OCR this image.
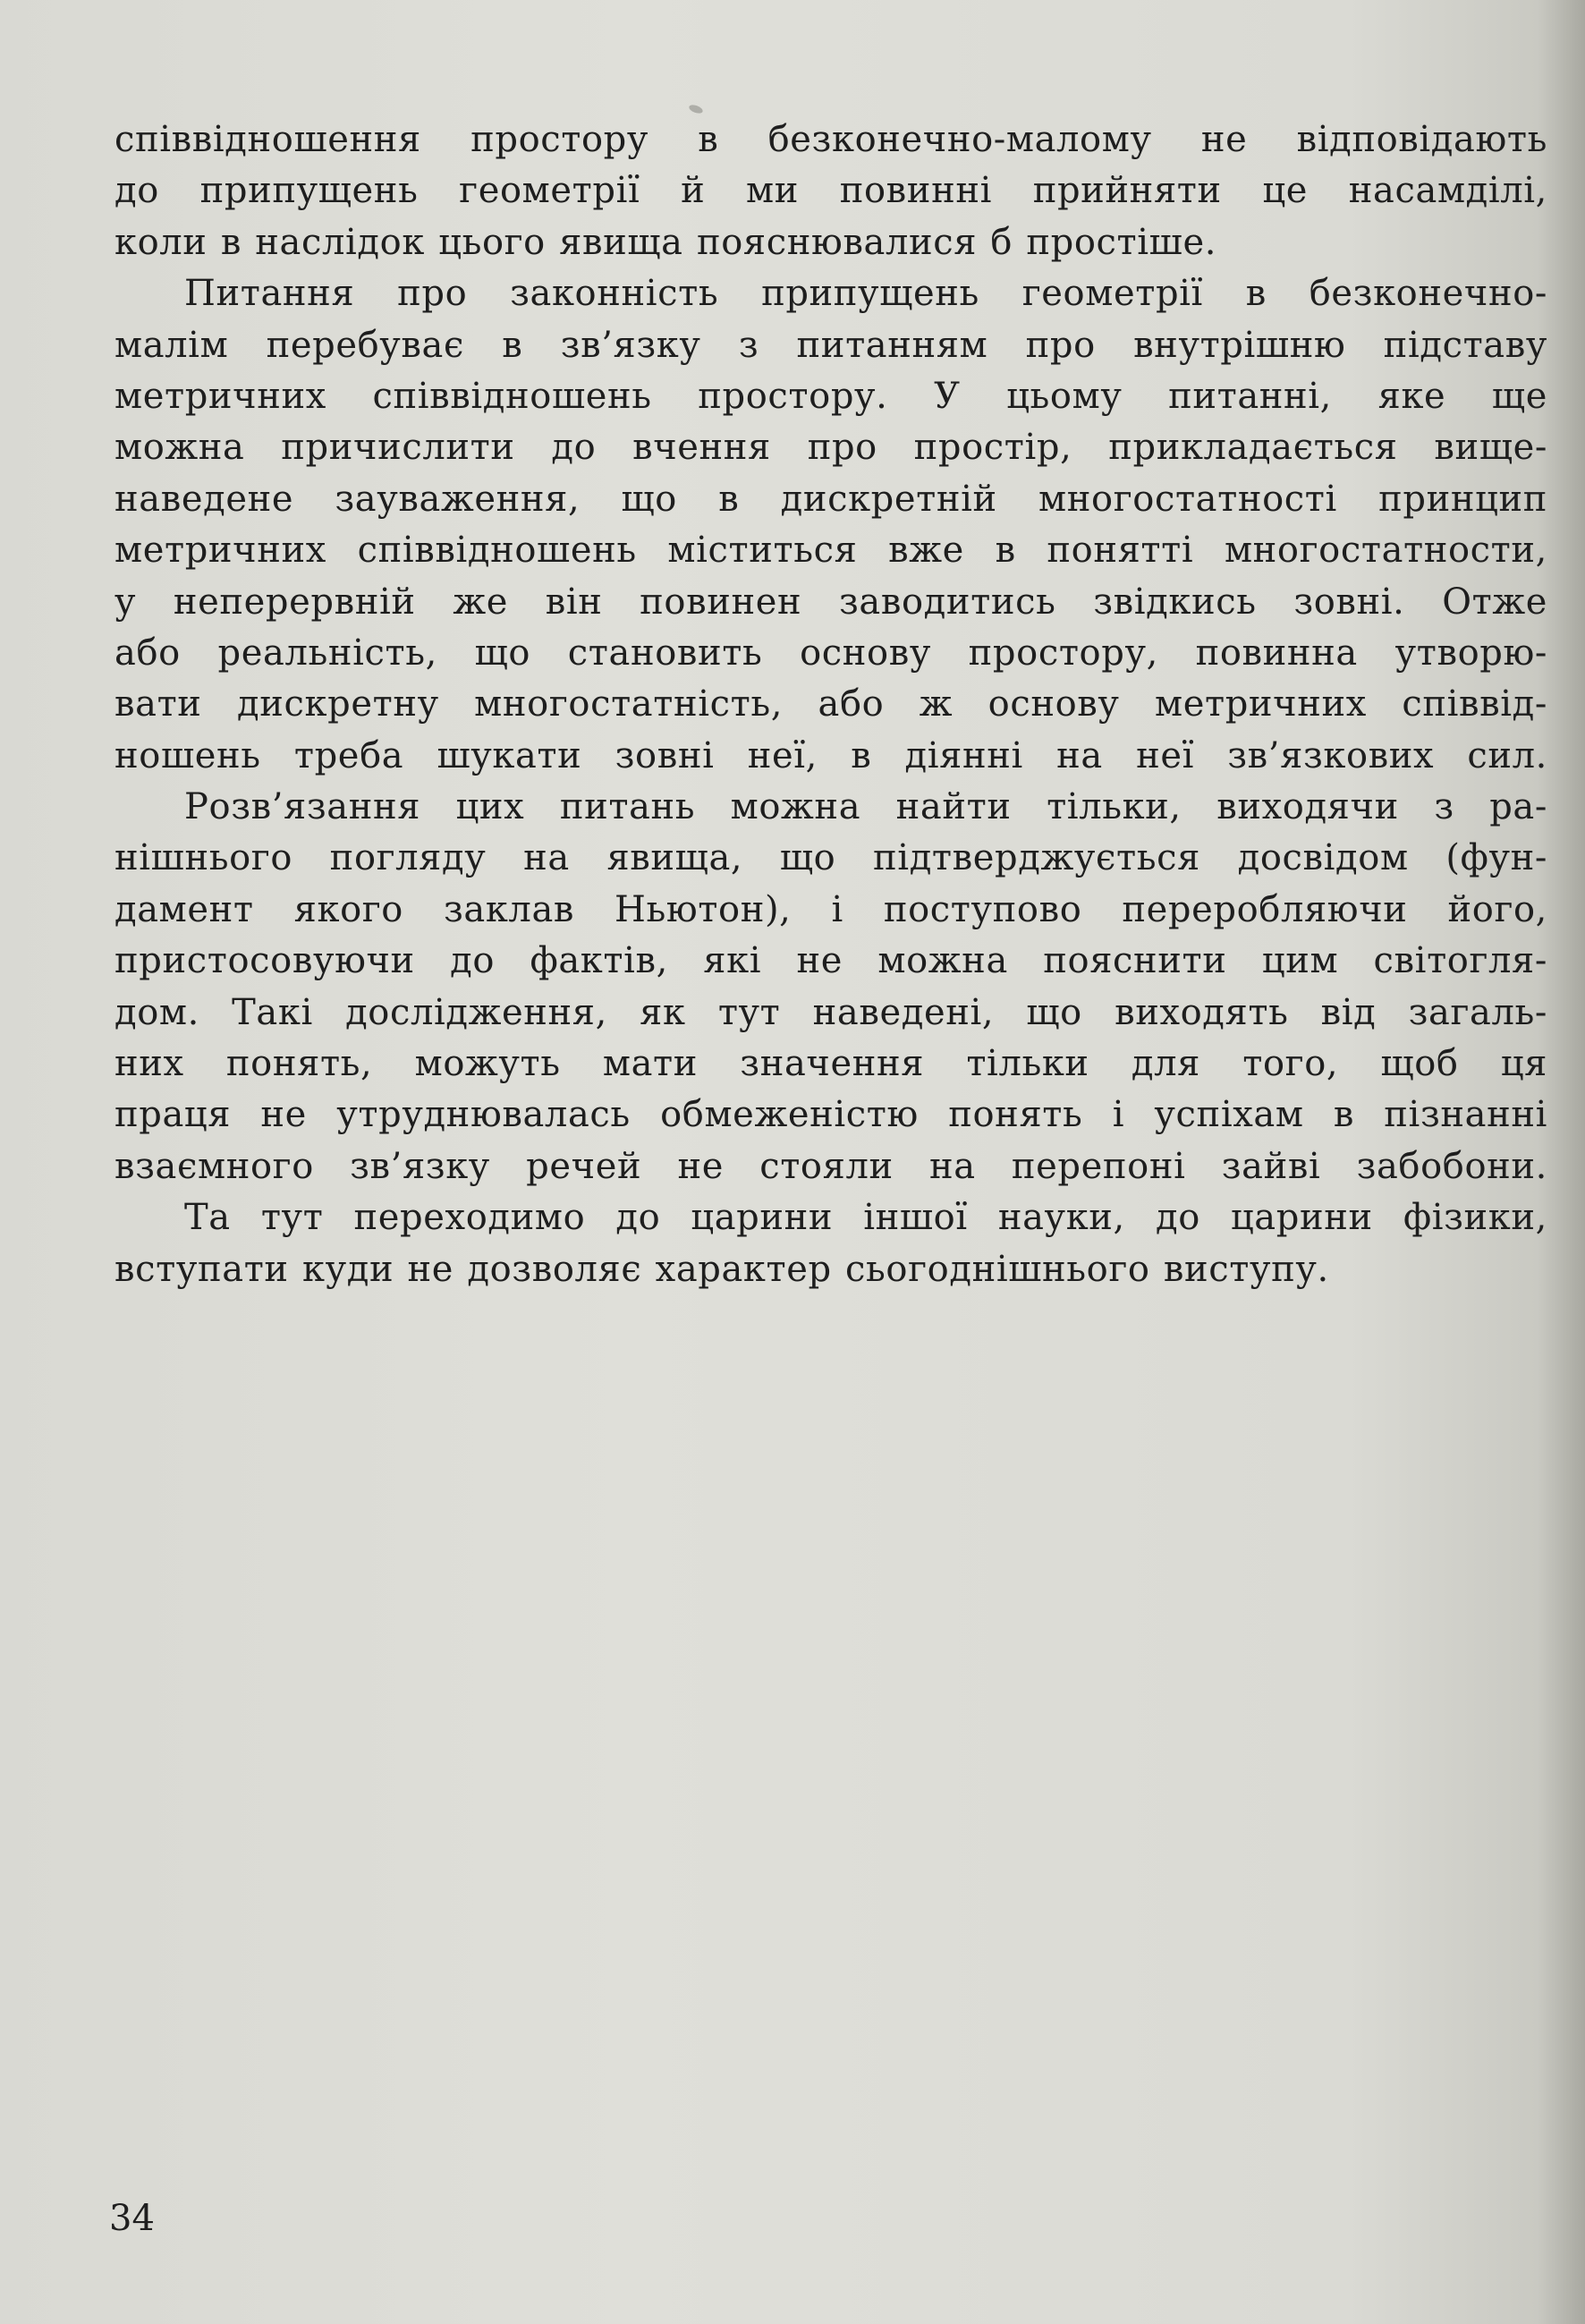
співвідношення простору в безконечно-малому не відповідають
до припущень геометрії й ми повинні прийняти це насамділі,
коли в наслідок цього явища пояснювалися б простіше.
Питання про законність припущень геометрії в безконечно-
малім перебуває в зв’язку з питанням про внутрішню підставу
метричних співвідношень простору. У цьому питанні, яке ще
можна причислити до вчення про простір, прикладається вище-
наведене зауваження, що в дискретній многостатності принцип
метричних співвідношень міститься вже в понятті многостатности,
у неперервній же він повинен заводитись звідкись зовні. Отже
або реальність, що становить основу простору, повинна утворю-
вати дискретну многостатність, або ж основу метричних співвід-
ношень треба шукати зовні неї, в діянні на неї зв’язкових сил.
Розв’язання цих питань можна найти тільки, виходячи з ра-
нішнього погляду на явища, що підтверджується досвідом (фун-
дамент якого заклав Ньютон), і поступово переробляючи його,
пристосовуючи до фактів, які не можна пояснити цим світогля-
дом. Такі дослідження, як тут наведені, що виходять від загаль-
них понять, можуть мати значення тільки для того, щоб ця
праця не утруднювалась обмеженістю понять і успіхам в пізнанні
взаємного зв’язку речей не стояли на перепоні зайві забобони.
Та тут переходимо до царини іншої науки, до царини фізики,
вступати куди не дозволяє характер сьогоднішнього виступу.
34
